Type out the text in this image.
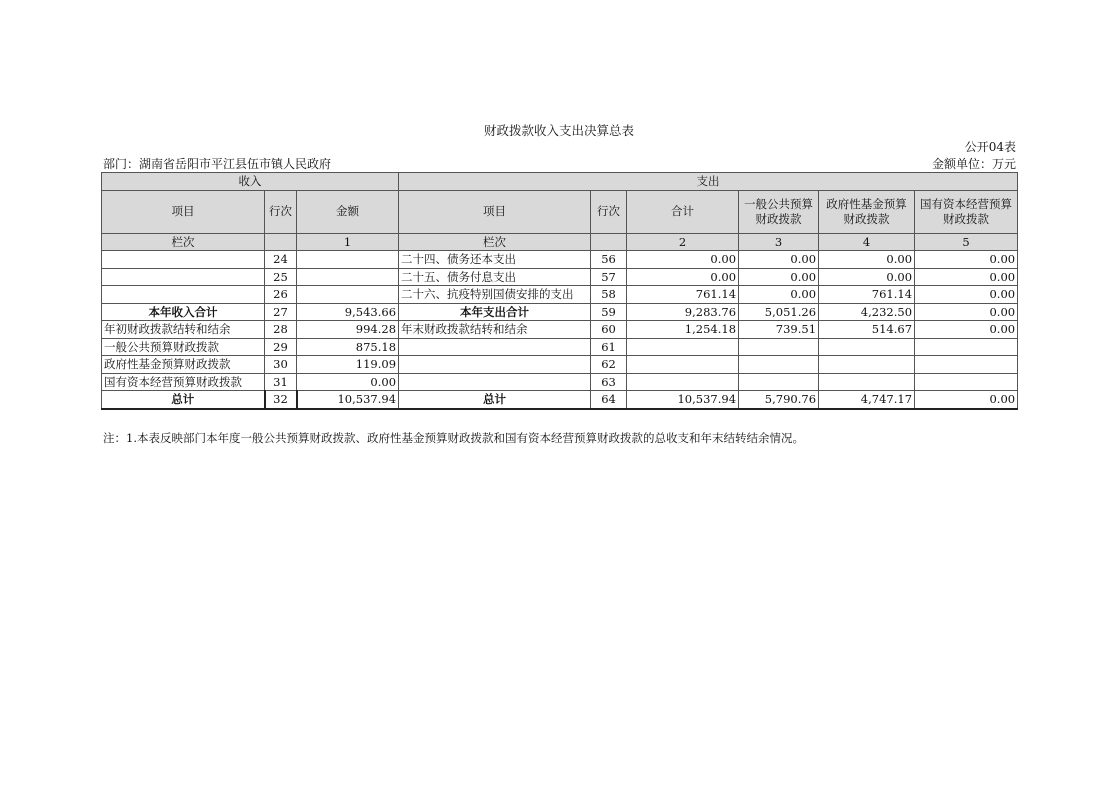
财政拨款收入支出决算总表
公开04表
部门：湖南省岳阳市平江县伍市镇人民政府	金额单位：万元
收入			支出					
项目	行次	金额	项目	行次	合计	一般公共预算财政拨款	政府性基金预算财政拨款	国有资本经营预算财政拨款
栏次		1	栏次		2	3	4	5
	24		二十四、债务还本支出	56	0.00	0.00	0.00	0.00
	25		二十五、债务付息支出	57	0.00	0.00	0.00	0.00
	26		二十六、抗疫特别国债安排的支出	58	761.14	0.00	761.14	0.00
本年收入合计	27	9,543.66	本年支出合计	59	9,283.76	5,051.26	4,232.50	0.00
年初财政拨款结转和结余	28	994.28	年末财政拨款结转和结余	60	1,254.18	739.51	514.67	0.00
一般公共预算财政拨款	29	875.18		61				
政府性基金预算财政拨款	30	119.09		62				
国有资本经营预算财政拨款	31	0.00		63				
总计	32	10,537.94	总计	64	10,537.94	5,790.76	4,747.17	0.00
注：1.本表反映部门本年度一般公共预算财政拨款、政府性基金预算财政拨款和国有资本经营预算财政拨款的总收支和年末结转结余情况。
